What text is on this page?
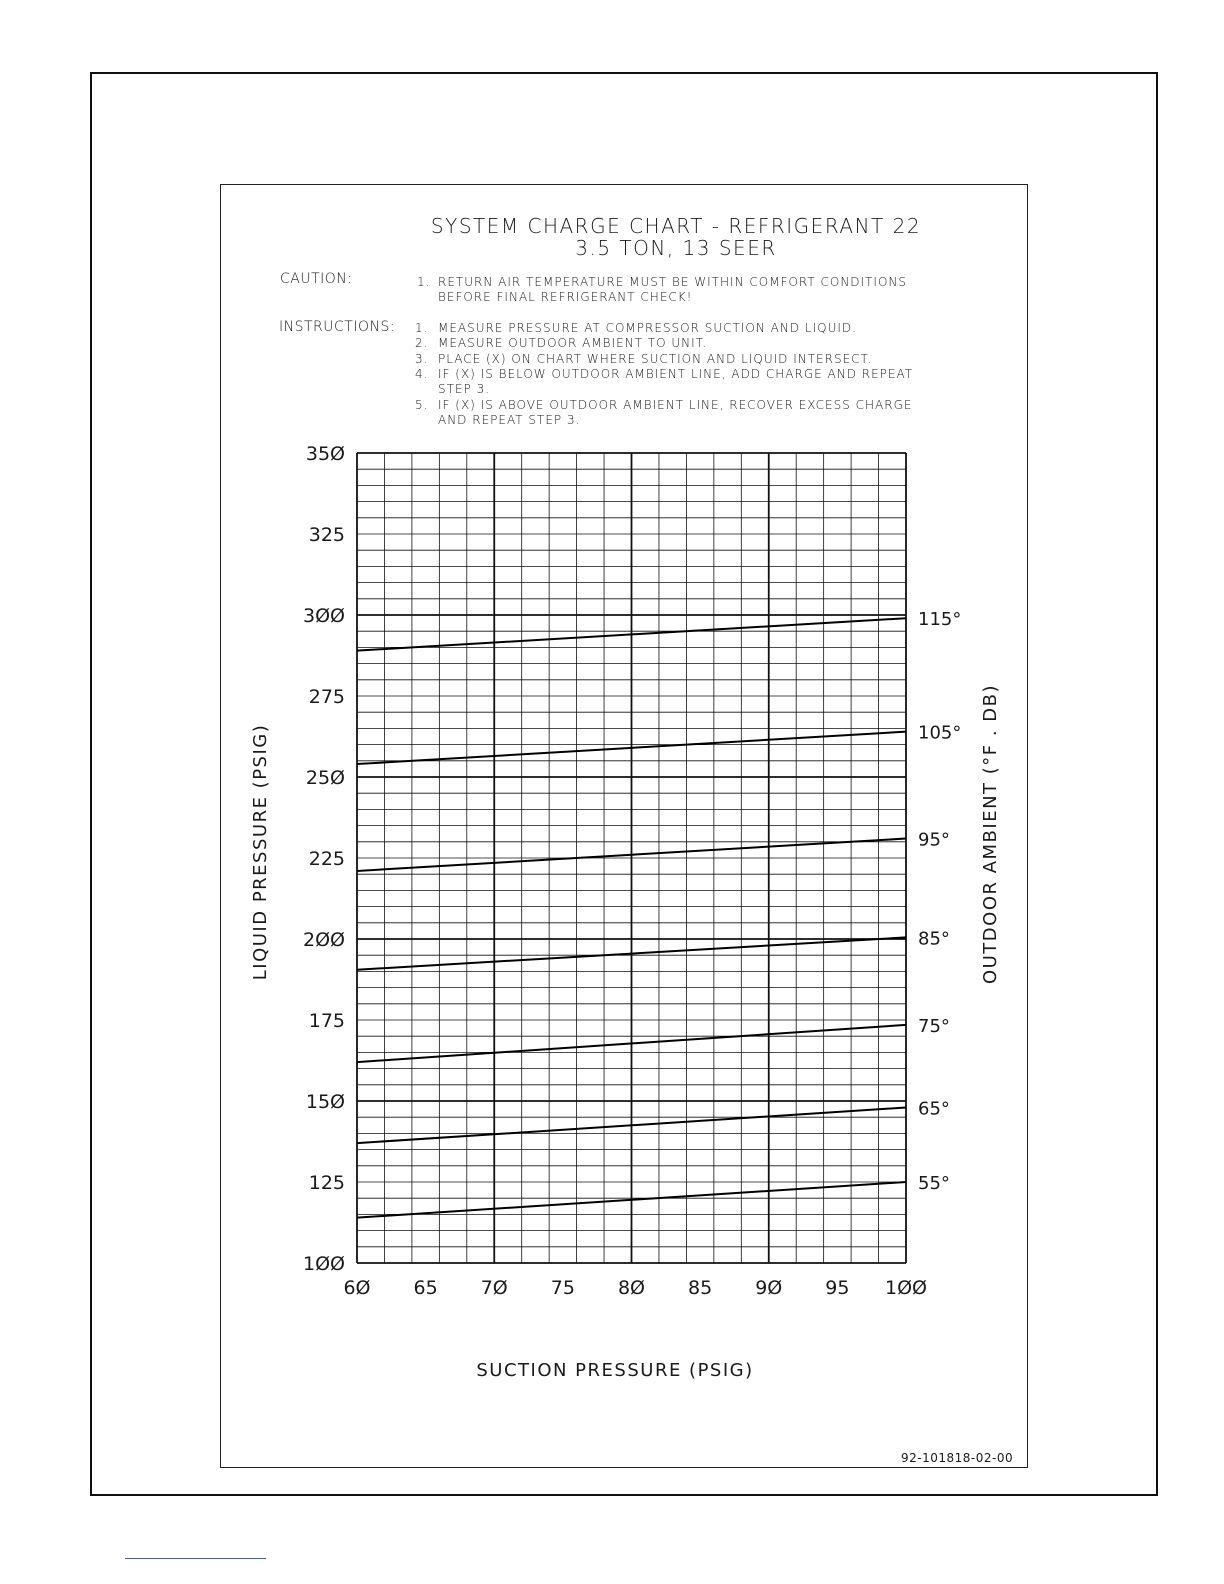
SYSTEM CHARGE CHART - REFRIGERANT 22
3.5 TON, 13 SEER
CAUTION:	1. RETURN AIR TEMPERATURE MUST BE WITHIN COMFORT CONDITIONS
BEFORE FINAL REFRIGERANT CHECK!
INSTRUCTIONS: 1. MEASURE PRESSURE AT COMPRESSOR SUCTION AND LIQUID.
2. MEASURE OUTDOOR AMBIENT TO UNIT.
3. PLACE (X) ON CHART WHERE SUCTION AND LIQUID INTERSECT.
4. IF (X) IS BELOW OUTDOOR AMBIENT LINE, ADD CHARGE AND REPEAT
STEP 3.
5. IF (X) IS ABOVE OUTDOOR AMBIENT LINE, RECOVER EXCESS CHARGE
AND REPEAT STEP 3.
1ØØ
125
15Ø
175
2ØØ
225
25Ø
275
3ØØ
325
35Ø
6Ø 65 7Ø 75 8Ø 85 9Ø 95 1ØØ
115°
105°
95°
85°
75°
65°
55°
LIQUID PRESSURE (PSIG)	OUTDOOR AMBIENT (°F . DB)
SUCTION PRESSURE (PSIG)
92-101818-02-00
